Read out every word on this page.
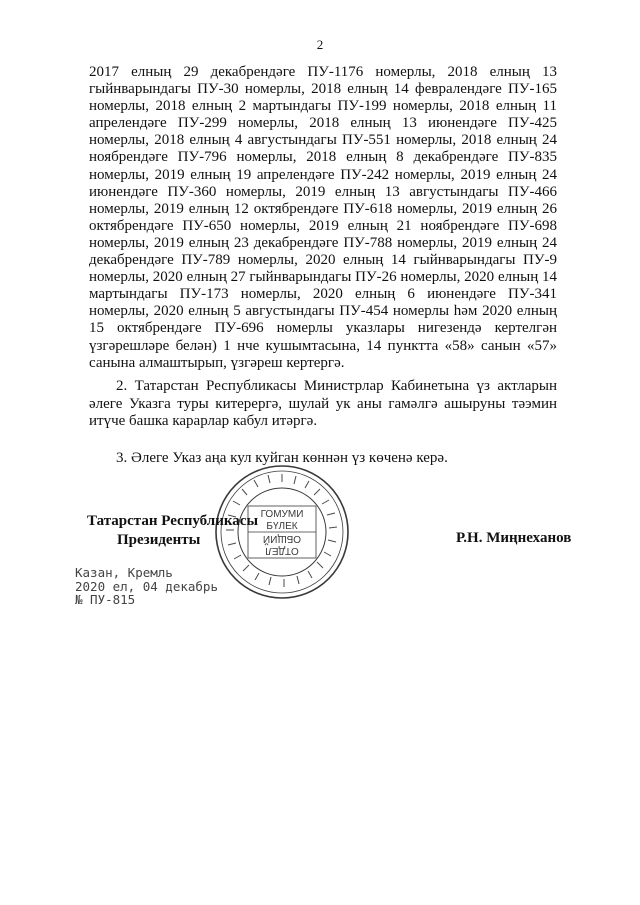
2

2017 елның 29 декабрендәге ПУ-1176 номерлы, 2018 елның 13 гыйнварындагы ПУ-30 номерлы, 2018 елның 14 февралендәге ПУ-165 номерлы, 2018 елның 2 мартындагы ПУ-199 номерлы, 2018 елның 11 апрелендәге ПУ-299 номерлы, 2018 елның 13 июнендәге ПУ-425 номерлы, 2018 елның 4 августындагы ПУ-551 номерлы, 2018 елның 24 ноябрендәге ПУ-796 номерлы, 2018 елның 8 декабрендәге ПУ-835 номерлы, 2019 елның 19 апрелендәге ПУ-242 номерлы, 2019 елның 24 июнендәге ПУ-360 номерлы, 2019 елның 13 августындагы ПУ-466 номерлы, 2019 елның 12 октябрендәге ПУ-618 номерлы, 2019 елның 26 октябрендәге ПУ-650 номерлы, 2019 елның 21 ноябрендәге ПУ-698 номерлы, 2019 елның 23 декабрендәге ПУ-788 номерлы, 2019 елның 24 декабрендәге ПУ-789 номерлы, 2020 елның 14 гыйнварындагы ПУ-9 номерлы, 2020 елның 27 гыйнварындагы ПУ-26 номерлы, 2020 елның 14 мартындагы ПУ-173 номерлы, 2020 елның 6 июнендәге ПУ-341 номерлы, 2020 елның 5 августындагы ПУ-454 номерлы һәм 2020 елның 15 октябрендәге ПУ-696 номерлы указлары нигезендә кертелгән үзгәрешләре белән) 1 нче кушымтасына, 14 пунктта «58» санын «57» санына алмаштырып, үзгәреш кертергә.

2. Татарстан Республикасы Министрлар Кабинетына үз актларын әлеге Указга туры китерергә, шулай ук аны гамәлгә ашыруны тәэмин итүче башка карарлар кабул итәргә.

3. Әлеге Указ аңа кул куйган көннән үз көченә керә.

ГОМУМИ
БҮЛЕК
ОТДЕЛ
ОБЩИЙ
Татарстан Республикасы
Президенты	Р.Н. Миңнеханов
Казан, Кремль
2020 ел, 04 декабрь
№ ПУ-815
